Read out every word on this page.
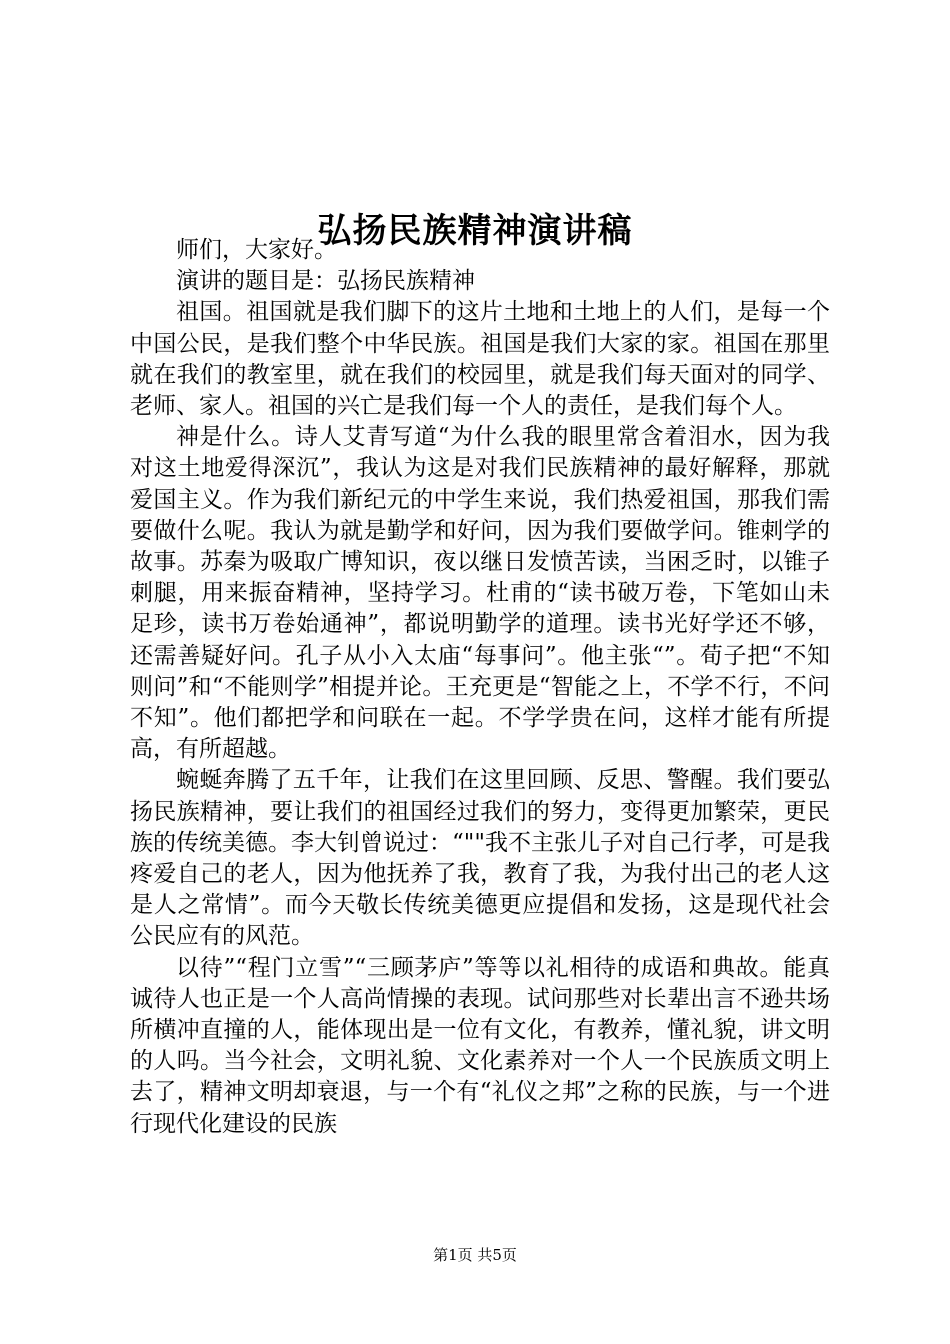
弘扬民族精神演讲稿

师们，大家好。

演讲的题目是：弘扬民族精神

祖国。祖国就是我们脚下的这片土地和土地上的人们，是每一个中国公民，是我们整个中华民族。祖国是我们大家的家。祖国在那里就在我们的教室里，就在我们的校园里，就是我们每天面对的同学、老师、家人。祖国的兴亡是我们每一个人的责任，是我们每个人。

神是什么。诗人艾青写道“为什么我的眼里常含着泪水，因为我对这土地爱得深沉”，我认为这是对我们民族精神的最好解释，那就爱国主义。作为我们新纪元的中学生来说，我们热爱祖国，那我们需要做什么呢。我认为就是勤学和好问，因为我们要做学问。锥刺学的故事。苏秦为吸取广博知识，夜以继日发愤苦读，当困乏时，以锥子刺腿，用来振奋精神，坚持学习。杜甫的“读书破万卷，下笔如山未足珍，读书万卷始通神”，都说明勤学的道理。读书光好学还不够，还需善疑好问。孔子从小入太庙“每事问”。他主张“”。荀子把“不知则问”和“不能则学”相提并论。王充更是“智能之上，不学不行，不问不知”。他们都把学和问联在一起。不学学贵在问，这样才能有所提高，有所超越。

蜿蜒奔腾了五千年，让我们在这里回顾、反思、警醒。我们要弘扬民族精神，要让我们的祖国经过我们的努力，变得更加繁荣，更民族的传统美德。李大钊曾说过：“""我不主张儿子对自己行孝，可是我疼爱自己的老人，因为他抚养了我，教育了我，为我付出己的老人这是人之常情”。而今天敬长传统美德更应提倡和发扬，这是现代社会公民应有的风范。

以待”“程门立雪”“三顾茅庐”等等以礼相待的成语和典故。能真诚待人也正是一个人高尚情操的表现。试问那些对长辈出言不逊共场所横冲直撞的人，能体现出是一位有文化，有教养，懂礼貌，讲文明的人吗。当今社会，文明礼貌、文化素养对一个人一个民族质文明上去了，精神文明却衰退，与一个有“礼仪之邦”之称的民族，与一个进行现代化建设的民族

第1页 共5页
